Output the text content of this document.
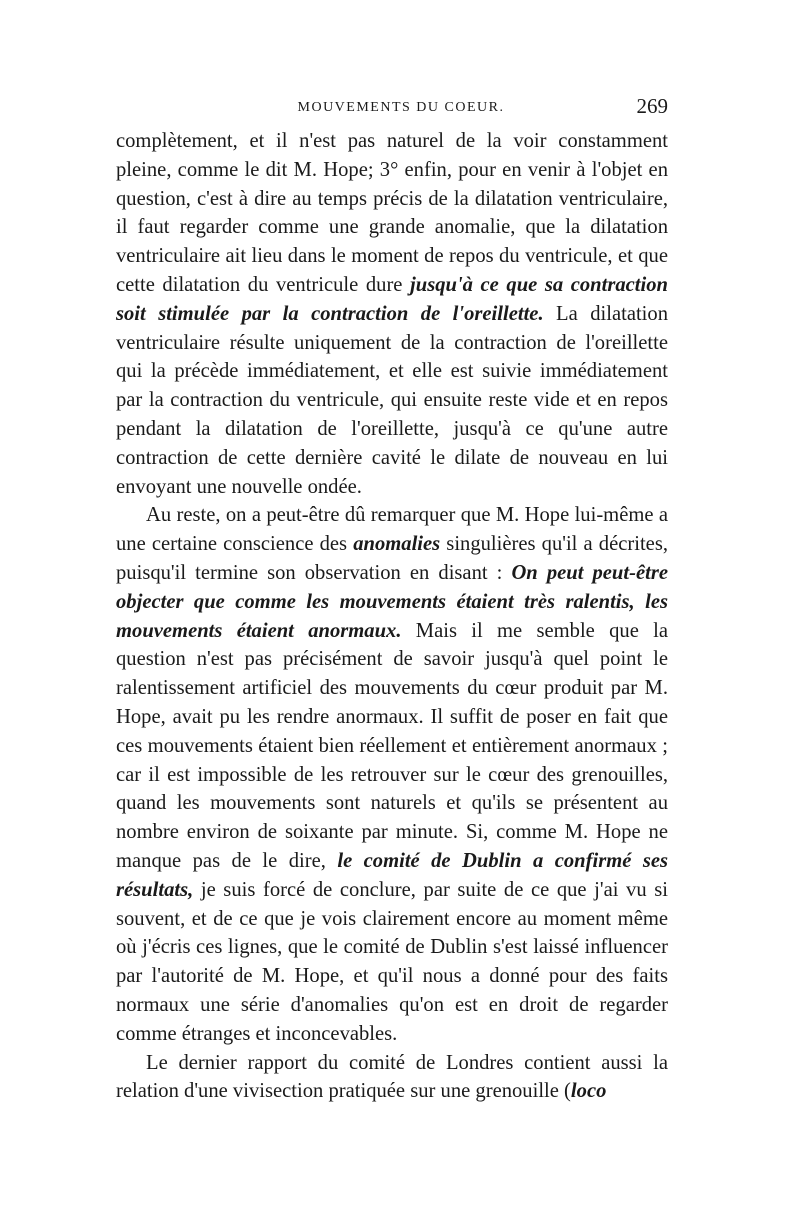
MOUVEMENTS DU COEUR.	269

complètement, et il n'est pas naturel de la voir constamment pleine, comme le dit M. Hope; 3° enfin, pour en venir à l'objet en question, c'est à dire au temps précis de la dilatation ventriculaire, il faut regarder comme une grande anomalie, que la dilatation ventriculaire ait lieu dans le moment de repos du ventricule, et que cette dilatation du ventricule dure jusqu'à ce que sa contraction soit stimulée par la contraction de l'oreillette. La dilatation ventriculaire résulte uniquement de la contraction de l'oreillette qui la précède immédiatement, et elle est suivie immédiatement par la contraction du ventricule, qui ensuite reste vide et en repos pendant la dilatation de l'oreillette, jusqu'à ce qu'une autre contraction de cette dernière cavité le dilate de nouveau en lui envoyant une nouvelle ondée.

Au reste, on a peut-être dû remarquer que M. Hope lui-même a une certaine conscience des anomalies singulières qu'il a décrites, puisqu'il termine son observation en disant : On peut peut-être objecter que comme les mouvements étaient très ralentis, les mouvements étaient anormaux. Mais il me semble que la question n'est pas précisément de savoir jusqu'à quel point le ralentissement artificiel des mouvements du cœur produit par M. Hope, avait pu les rendre anormaux. Il suffit de poser en fait que ces mouvements étaient bien réellement et entièrement anormaux ; car il est impossible de les retrouver sur le cœur des grenouilles, quand les mouvements sont naturels et qu'ils se présentent au nombre environ de soixante par minute. Si, comme M. Hope ne manque pas de le dire, le comité de Dublin a confirmé ses résultats, je suis forcé de conclure, par suite de ce que j'ai vu si souvent, et de ce que je vois clairement encore au moment même où j'écris ces lignes, que le comité de Dublin s'est laissé influencer par l'autorité de M. Hope, et qu'il nous a donné pour des faits normaux une série d'anomalies qu'on est en droit de regarder comme étranges et inconcevables.

Le dernier rapport du comité de Londres contient aussi la relation d'une vivisection pratiquée sur une grenouille (loco
